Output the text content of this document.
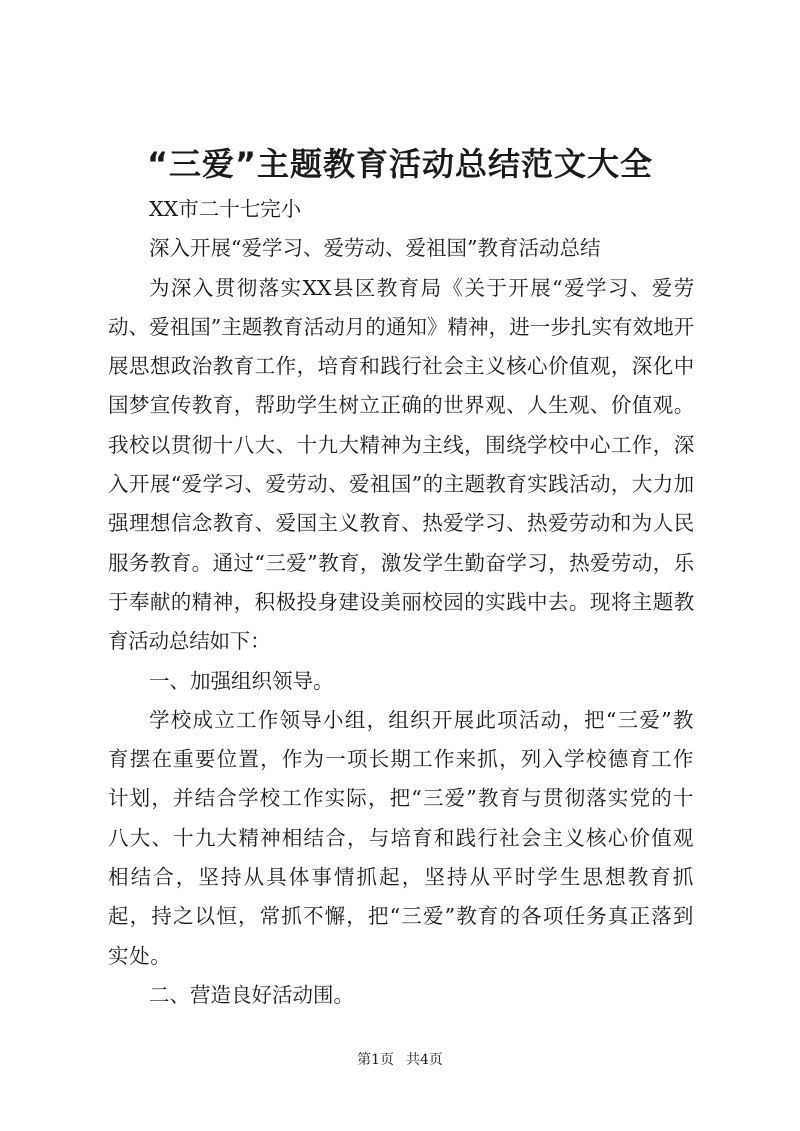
“三爱”主题教育活动总结范文大全

XX市二十七完小

深入开展“爱学习、爱劳动、爱祖国”教育活动总结

为深入贯彻落实XX县区教育局《关于开展“爱学习、爱劳动、爱祖国”主题教育活动月的通知》精神，进一步扎实有效地开展思想政治教育工作，培育和践行社会主义核心价值观，深化中国梦宣传教育，帮助学生树立正确的世界观、人生观、价值观。我校以贯彻十八大、十九大精神为主线，围绕学校中心工作，深入开展“爱学习、爱劳动、爱祖国”的主题教育实践活动，大力加强理想信念教育、爱国主义教育、热爱学习、热爱劳动和为人民服务教育。通过“三爱”教育，激发学生勤奋学习，热爱劳动，乐于奉献的精神，积极投身建设美丽校园的实践中去。现将主题教育活动总结如下：

一、加强组织领导。

学校成立工作领导小组，组织开展此项活动，把“三爱”教育摆在重要位置，作为一项长期工作来抓，列入学校德育工作计划，并结合学校工作实际，把“三爱”教育与贯彻落实党的十八大、十九大精神相结合，与培育和践行社会主义核心价值观相结合，坚持从具体事情抓起，坚持从平时学生思想教育抓起，持之以恒，常抓不懈，把“三爱”教育的各项任务真正落到实处。

二、营造良好活动围。

第1页 共4页
